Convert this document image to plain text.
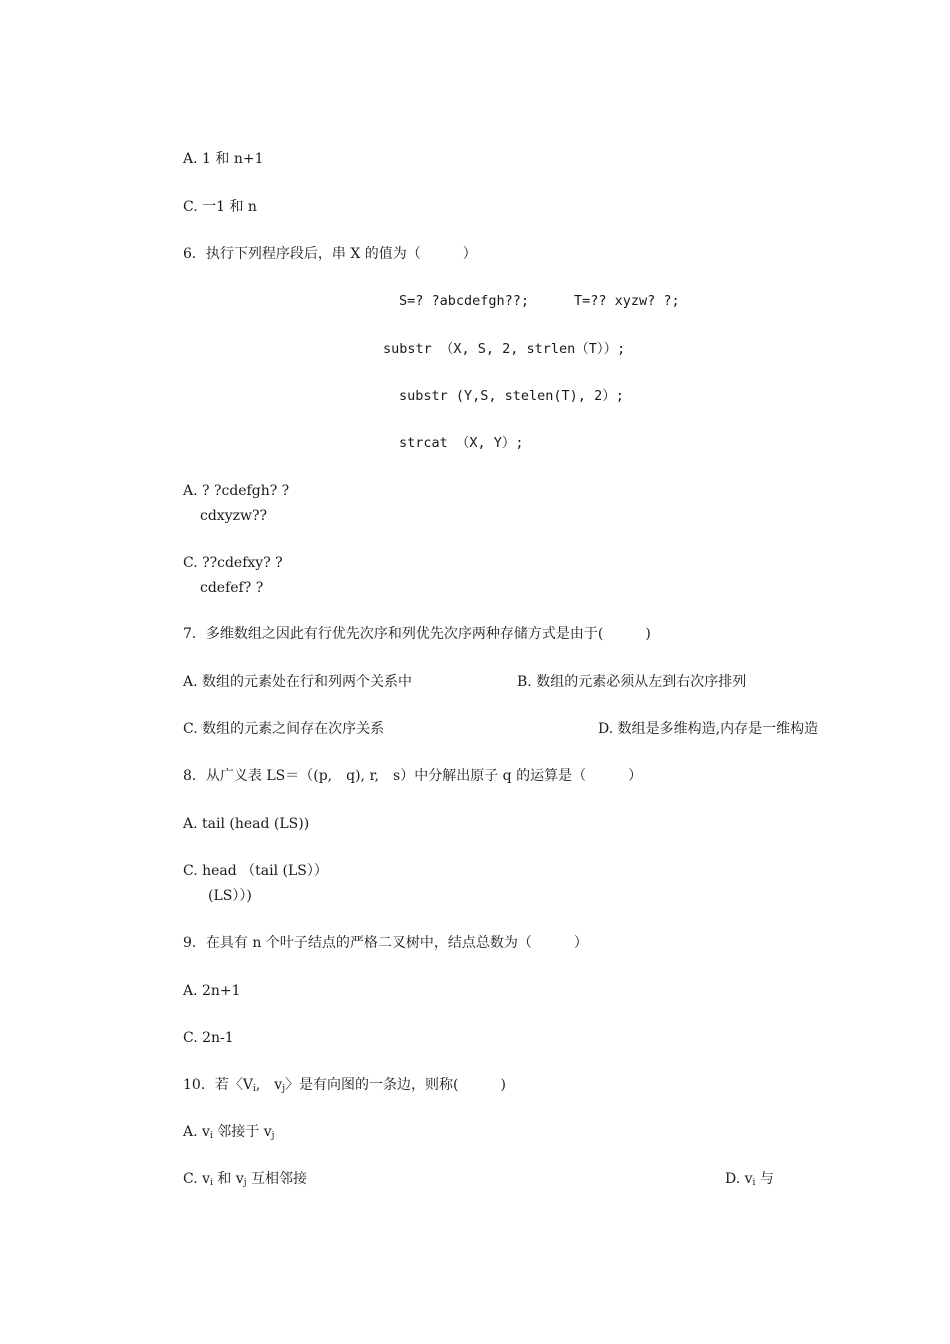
A. 1 和 n+1
C. 一1 和 n
6．执行下列程序段后，串 X 的值为（　　　）
S=? ?abcdefgh??;	T=?? xyzw? ?;
substr （X, S, 2, strlen（T））;
substr (Y,S, stelen(T), 2）;
strcat （X, Y）;
A. ? ?cdefgh? ?
cdxyzw??
C. ??cdefxy? ?
cdefef? ?
7．多维数组之因此有行优先次序和列优先次序两种存储方式是由于(　　　)
A. 数组的元素处在行和列两个关系中	B. 数组的元素必须从左到右次序排列
C. 数组的元素之间存在次序关系	D. 数组是多维构造,内存是一维构造
8．从广义表 LS＝（(p,　q), r,　s）中分解出原子 q 的运算是（　　　）
A. tail (head (LS))
C. head （tail (LS））
(LS））)
9．在具有 n 个叶子结点的严格二叉树中，结点总数为（　　　）
A. 2n+1
C. 2n-1
10．若〈$V_i$,　$v_j$〉是有向图的一条边，则称(　　　)
A. $v_i$ 邻接于 $v_j$
C. $v_i$ 和 $v_j$ 互相邻接	D. $v_i$ 与
